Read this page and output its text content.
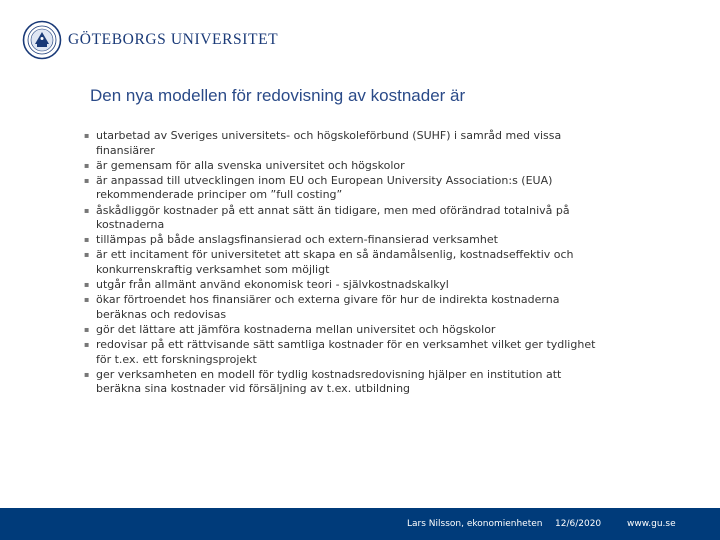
GÖTEBORGS UNIVERSITET
Den nya modellen för redovisning av kostnader är
▪ utarbetad av Sveriges universitets- och högskoleförbund (SUHF) i samråd med vissa finansiärer
▪ är gemensam för alla svenska universitet och högskolor
▪ är anpassad till utvecklingen inom EU och European University Association:s (EUA) rekommenderade principer om ”full costing”
▪ åskådliggör kostnader på ett annat sätt än tidigare, men med oförändrad totalnivå på kostnaderna
▪ tillämpas på både anslagsfinansierad och extern-finansierad verksamhet
▪ är ett incitament för universitetet att skapa en så ändamålsenlig, kostnadseffektiv och konkurrenskraftig verksamhet som möjligt
▪ utgår från allmänt använd ekonomisk teori - självkostnadskalkyl
▪ ökar förtroendet hos finansiärer och externa givare för hur de indirekta kostnaderna beräknas och redovisas
▪ gör det lättare att jämföra kostnaderna mellan universitet och högskolor
▪ redovisar på ett rättvisande sätt samtliga kostnader för en verksamhet vilket ger tydlighet för t.ex. ett forskningsprojekt
▪ ger verksamheten en modell för tydlig kostnadsredovisning hjälper en institution att beräkna sina kostnader vid försäljning av t.ex. utbildning
Lars Nilsson, ekonomienheten 12/6/2020	www.gu.se
